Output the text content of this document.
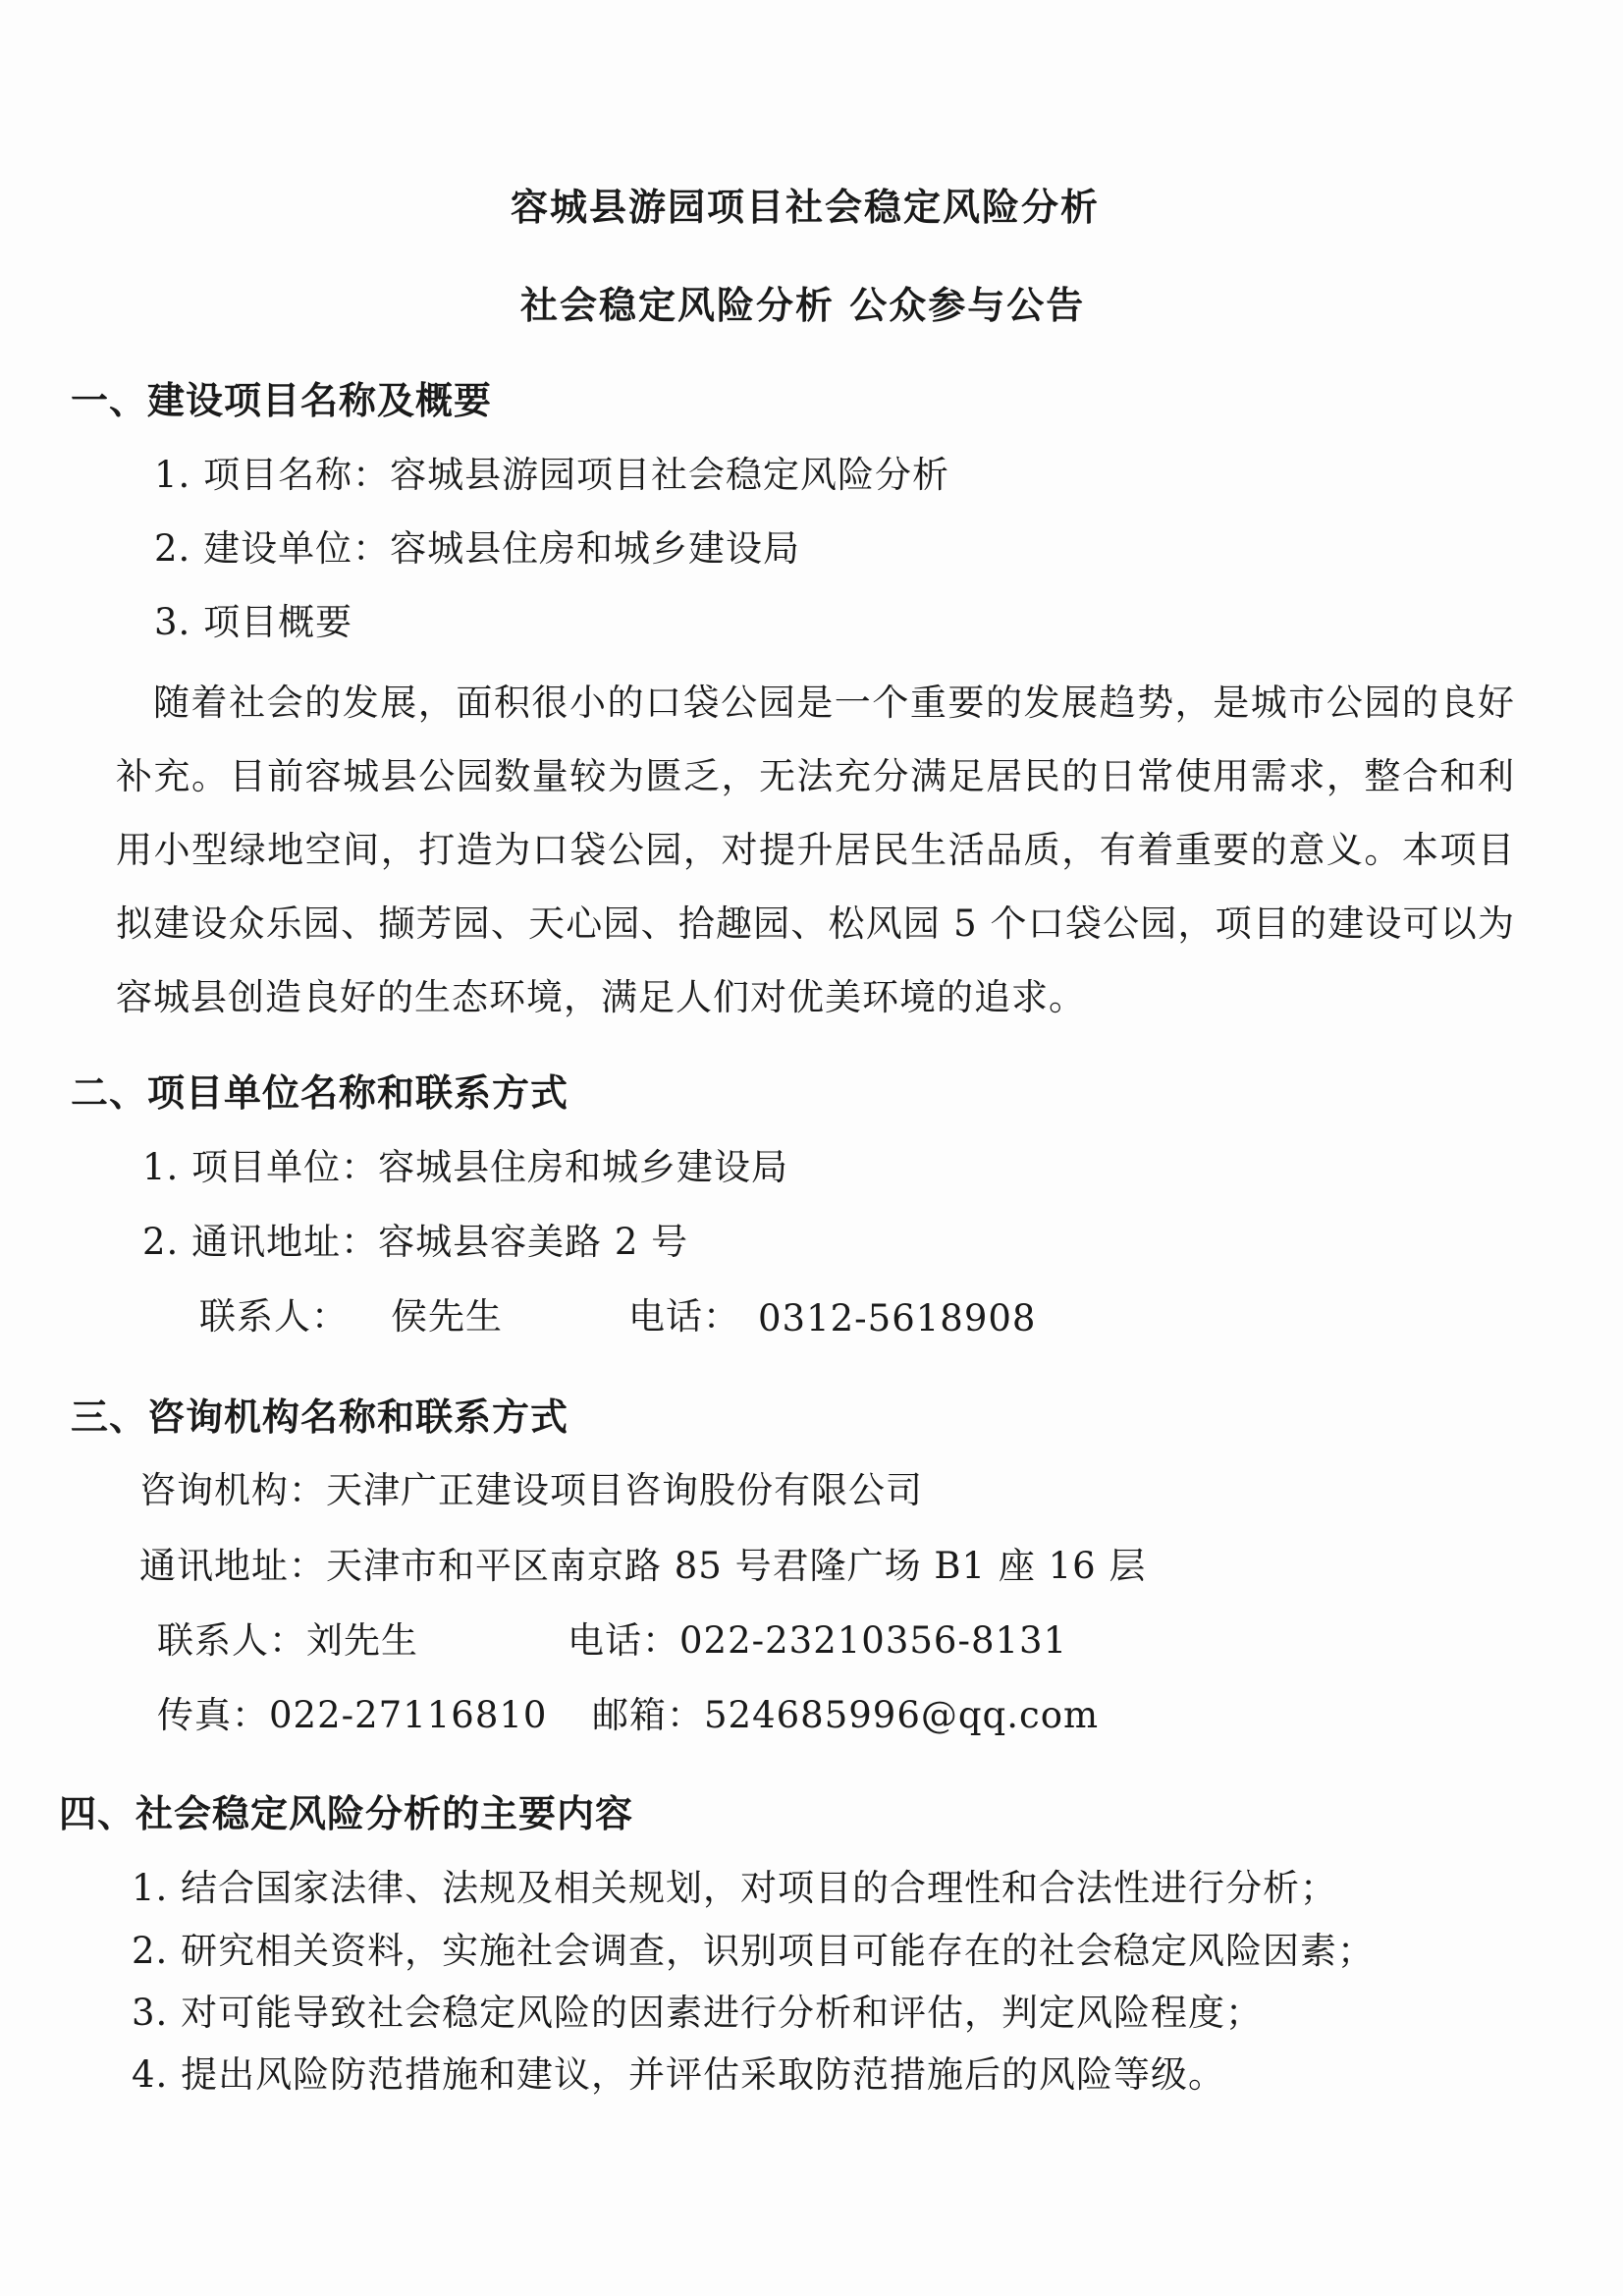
容城县游园项目社会稳定风险分析
社会稳定风险分析 公众参与公告
一、建设项目名称及概要
1. 项目名称：容城县游园项目社会稳定风险分析
2. 建设单位：容城县住房和城乡建设局
3. 项目概要
随着社会的发展，面积很小的口袋公园是一个重要的发展趋势，是城市公园的良好补充。目前容城县公园数量较为匮乏，无法充分满足居民的日常使用需求，整合和利用小型绿地空间，打造为口袋公园，对提升居民生活品质，有着重要的意义。本项目拟建设众乐园、撷芳园、天心园、拾趣园、松风园 5 个口袋公园，项目的建设可以为容城县创造良好的生态环境，满足人们对优美环境的追求。
二、项目单位名称和联系方式
1. 项目单位：容城县住房和城乡建设局
2. 通讯地址：容城县容美路 2 号
联系人： 侯先生	电话： 0312-5618908
三、咨询机构名称和联系方式
咨询机构：天津广正建设项目咨询股份有限公司
通讯地址：天津市和平区南京路 85 号君隆广场 B1 座 16 层
联系人：刘先生	电话：022-23210356-8131
传真：022-27116810 邮箱：524685996@qq.com
四、社会稳定风险分析的主要内容
1. 结合国家法律、法规及相关规划，对项目的合理性和合法性进行分析；
2. 研究相关资料，实施社会调查，识别项目可能存在的社会稳定风险因素；
3. 对可能导致社会稳定风险的因素进行分析和评估，判定风险程度；
4. 提出风险防范措施和建议，并评估采取防范措施后的风险等级。
